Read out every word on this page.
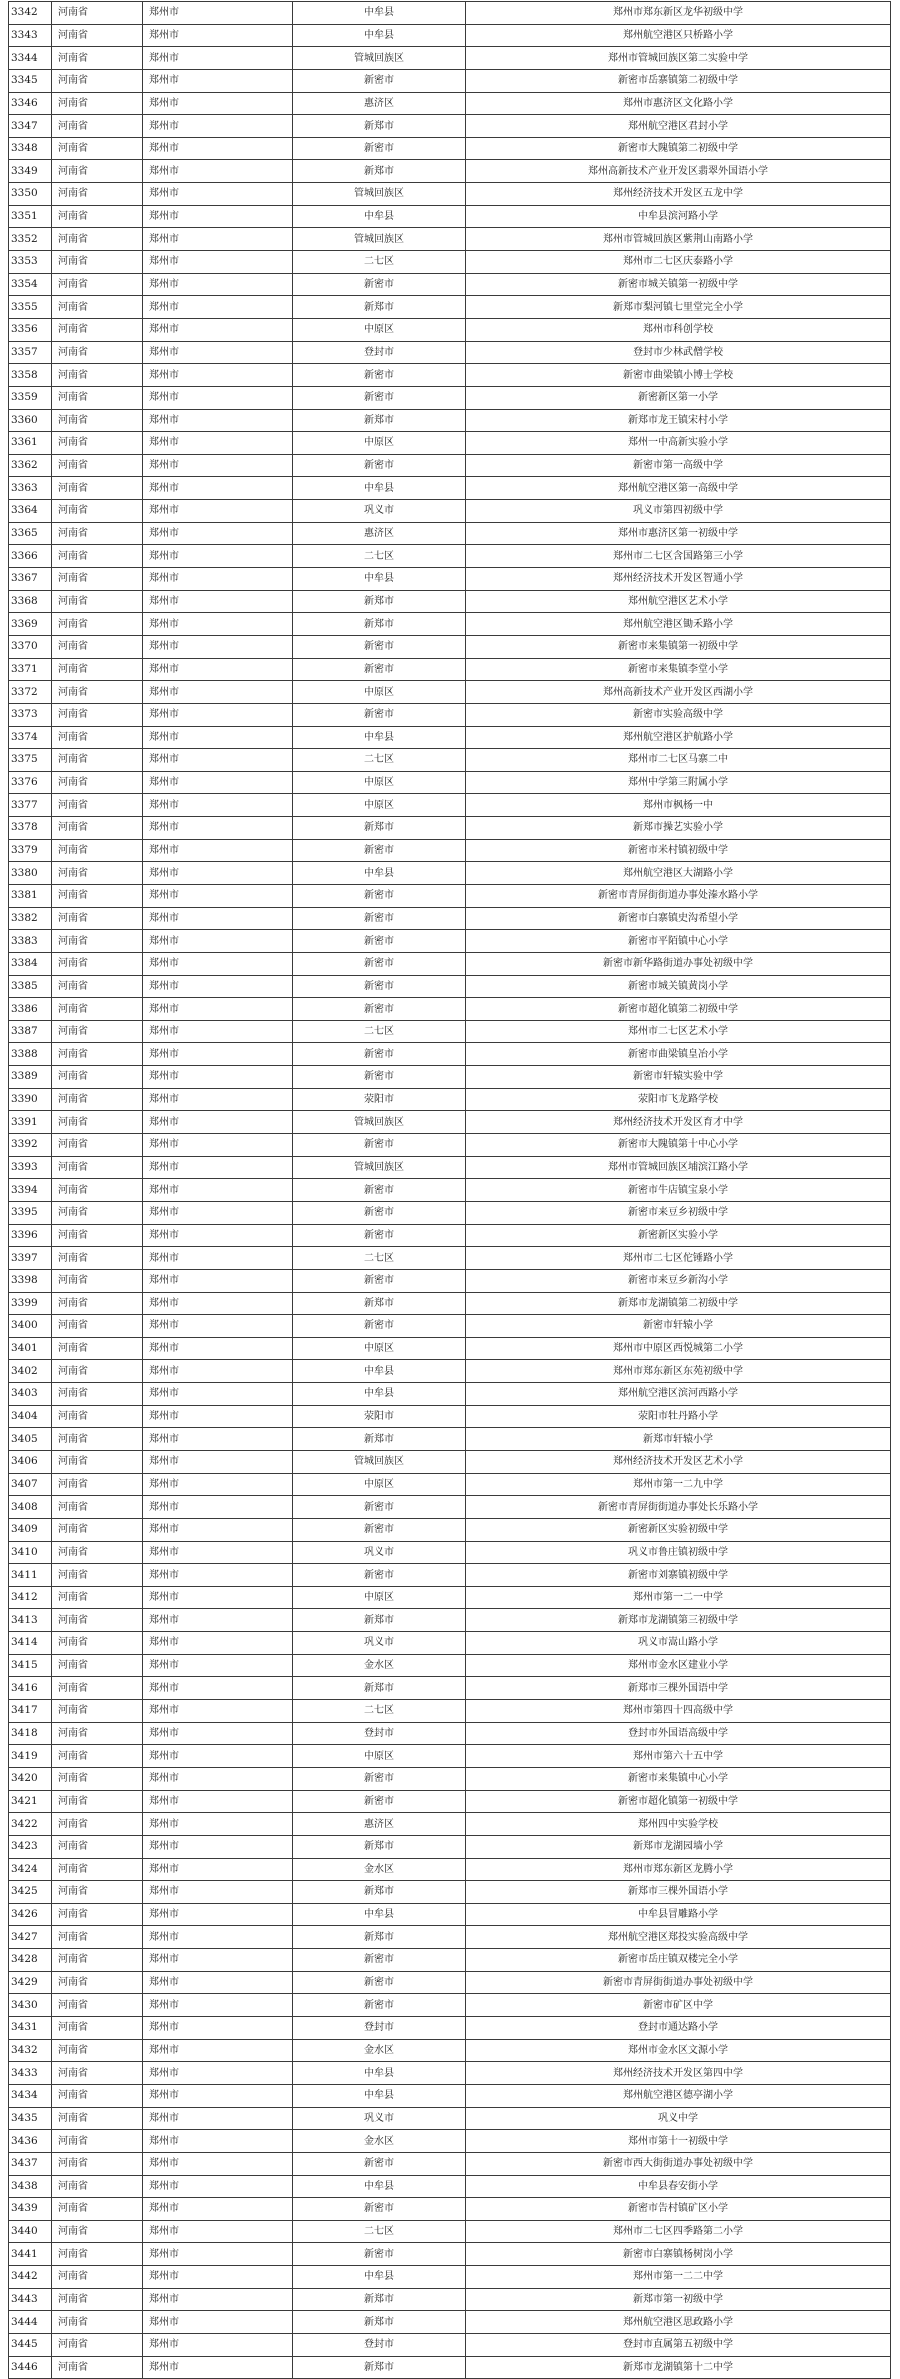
3342	河南省	郑州市	中牟县	郑州市郑东新区龙华初级中学
3343	河南省	郑州市	中牟县	郑州航空港区只桥路小学
3344	河南省	郑州市	管城回族区	郑州市管城回族区第二实验中学
3345	河南省	郑州市	新密市	新密市岳寨镇第二初级中学
3346	河南省	郑州市	惠济区	郑州市惠济区文化路小学
3347	河南省	郑州市	新郑市	郑州航空港区君封小学
3348	河南省	郑州市	新密市	新密市大隗镇第二初级中学
3349	河南省	郑州市	新郑市	郑州高新技术产业开发区翡翠外国语小学
3350	河南省	郑州市	管城回族区	郑州经济技术开发区五龙中学
3351	河南省	郑州市	中牟县	中牟县滨河路小学
3352	河南省	郑州市	管城回族区	郑州市管城回族区紫荆山南路小学
3353	河南省	郑州市	二七区	郑州市二七区庆泰路小学
3354	河南省	郑州市	新密市	新密市城关镇第一初级中学
3355	河南省	郑州市	新郑市	新郑市梨河镇七里堂完全小学
3356	河南省	郑州市	中原区	郑州市科创学校
3357	河南省	郑州市	登封市	登封市少林武僧学校
3358	河南省	郑州市	新密市	新密市曲梁镇小博士学校
3359	河南省	郑州市	新密市	新密新区第一小学
3360	河南省	郑州市	新郑市	新郑市龙王镇宋村小学
3361	河南省	郑州市	中原区	郑州一中高新实验小学
3362	河南省	郑州市	新密市	新密市第一高级中学
3363	河南省	郑州市	中牟县	郑州航空港区第一高级中学
3364	河南省	郑州市	巩义市	巩义市第四初级中学
3365	河南省	郑州市	惠济区	郑州市惠济区第一初级中学
3366	河南省	郑州市	二七区	郑州市二七区含国路第三小学
3367	河南省	郑州市	中牟县	郑州经济技术开发区智通小学
3368	河南省	郑州市	新郑市	郑州航空港区艺术小学
3369	河南省	郑州市	新郑市	郑州航空港区锄禾路小学
3370	河南省	郑州市	新密市	新密市来集镇第一初级中学
3371	河南省	郑州市	新密市	新密市来集镇李堂小学
3372	河南省	郑州市	中原区	郑州高新技术产业开发区西湖小学
3373	河南省	郑州市	新密市	新密市实验高级中学
3374	河南省	郑州市	中牟县	郑州航空港区护航路小学
3375	河南省	郑州市	二七区	郑州市二七区马寨二中
3376	河南省	郑州市	中原区	郑州中学第三附属小学
3377	河南省	郑州市	中原区	郑州市枫杨一中
3378	河南省	郑州市	新郑市	新郑市操艺实验小学
3379	河南省	郑州市	新密市	新密市米村镇初级中学
3380	河南省	郑州市	中牟县	郑州航空港区大湖路小学
3381	河南省	郑州市	新密市	新密市青屏街街道办事处溱水路小学
3382	河南省	郑州市	新密市	新密市白寨镇史沟希望小学
3383	河南省	郑州市	新密市	新密市平陌镇中心小学
3384	河南省	郑州市	新密市	新密市新华路街道办事处初级中学
3385	河南省	郑州市	新密市	新密市城关镇黄岗小学
3386	河南省	郑州市	新密市	新密市超化镇第二初级中学
3387	河南省	郑州市	二七区	郑州市二七区艺术小学
3388	河南省	郑州市	新密市	新密市曲梁镇皇冶小学
3389	河南省	郑州市	新密市	新密市轩辕实验中学
3390	河南省	郑州市	荥阳市	荥阳市飞龙路学校
3391	河南省	郑州市	管城回族区	郑州经济技术开发区育才中学
3392	河南省	郑州市	新密市	新密市大隗镇第十中心小学
3393	河南省	郑州市	管城回族区	郑州市管城回族区埔滨江路小学
3394	河南省	郑州市	新密市	新密市牛店镇宝泉小学
3395	河南省	郑州市	新密市	新密市来豆乡初级中学
3396	河南省	郑州市	新密市	新密新区实验小学
3397	河南省	郑州市	二七区	郑州市二七区佗锤路小学
3398	河南省	郑州市	新密市	新密市来豆乡新沟小学
3399	河南省	郑州市	新郑市	新郑市龙湖镇第二初级中学
3400	河南省	郑州市	新密市	新密市轩辕小学
3401	河南省	郑州市	中原区	郑州市中原区西悦城第二小学
3402	河南省	郑州市	中牟县	郑州市郑东新区东苑初级中学
3403	河南省	郑州市	中牟县	郑州航空港区滨河西路小学
3404	河南省	郑州市	荥阳市	荥阳市牡丹路小学
3405	河南省	郑州市	新郑市	新郑市轩辕小学
3406	河南省	郑州市	管城回族区	郑州经济技术开发区艺术小学
3407	河南省	郑州市	中原区	郑州市第一二九中学
3408	河南省	郑州市	新密市	新密市青屏街街道办事处长乐路小学
3409	河南省	郑州市	新密市	新密新区实验初级中学
3410	河南省	郑州市	巩义市	巩义市鲁庄镇初级中学
3411	河南省	郑州市	新密市	新密市刘寨镇初级中学
3412	河南省	郑州市	中原区	郑州市第一二一中学
3413	河南省	郑州市	新郑市	新郑市龙湖镇第三初级中学
3414	河南省	郑州市	巩义市	巩义市嵩山路小学
3415	河南省	郑州市	金水区	郑州市金水区建业小学
3416	河南省	郑州市	新郑市	新郑市三棵外国语中学
3417	河南省	郑州市	二七区	郑州市第四十四高级中学
3418	河南省	郑州市	登封市	登封市外国语高级中学
3419	河南省	郑州市	中原区	郑州市第六十五中学
3420	河南省	郑州市	新密市	新密市来集镇中心小学
3421	河南省	郑州市	新密市	新密市超化镇第一初级中学
3422	河南省	郑州市	惠济区	郑州四中实验学校
3423	河南省	郑州市	新郑市	新郑市龙湖园墙小学
3424	河南省	郑州市	金水区	郑州市郑东新区龙腾小学
3425	河南省	郑州市	新郑市	新郑市三棵外国语小学
3426	河南省	郑州市	中牟县	中牟县冒雕路小学
3427	河南省	郑州市	新郑市	郑州航空港区郑投实验高级中学
3428	河南省	郑州市	新密市	新密市岳庄镇双楼完全小学
3429	河南省	郑州市	新密市	新密市青屏街街道办事处初级中学
3430	河南省	郑州市	新密市	新密市矿区中学
3431	河南省	郑州市	登封市	登封市通达路小学
3432	河南省	郑州市	金水区	郑州市金水区文源小学
3433	河南省	郑州市	中牟县	郑州经济技术开发区第四中学
3434	河南省	郑州市	中牟县	郑州航空港区德亭湖小学
3435	河南省	郑州市	巩义市	巩义中学
3436	河南省	郑州市	金水区	郑州市第十一初级中学
3437	河南省	郑州市	新密市	新密市西大街街道办事处初级中学
3438	河南省	郑州市	中牟县	中牟县春安街小学
3439	河南省	郑州市	新密市	新密市告村镇矿区小学
3440	河南省	郑州市	二七区	郑州市二七区四季路第二小学
3441	河南省	郑州市	新密市	新密市白寨镇杨树岗小学
3442	河南省	郑州市	中牟县	郑州市第一二二中学
3443	河南省	郑州市	新郑市	新郑市第一初级中学
3444	河南省	郑州市	新郑市	郑州航空港区思政路小学
3445	河南省	郑州市	登封市	登封市直属第五初级中学
3446	河南省	郑州市	新郑市	新郑市龙湖镇第十二中学
